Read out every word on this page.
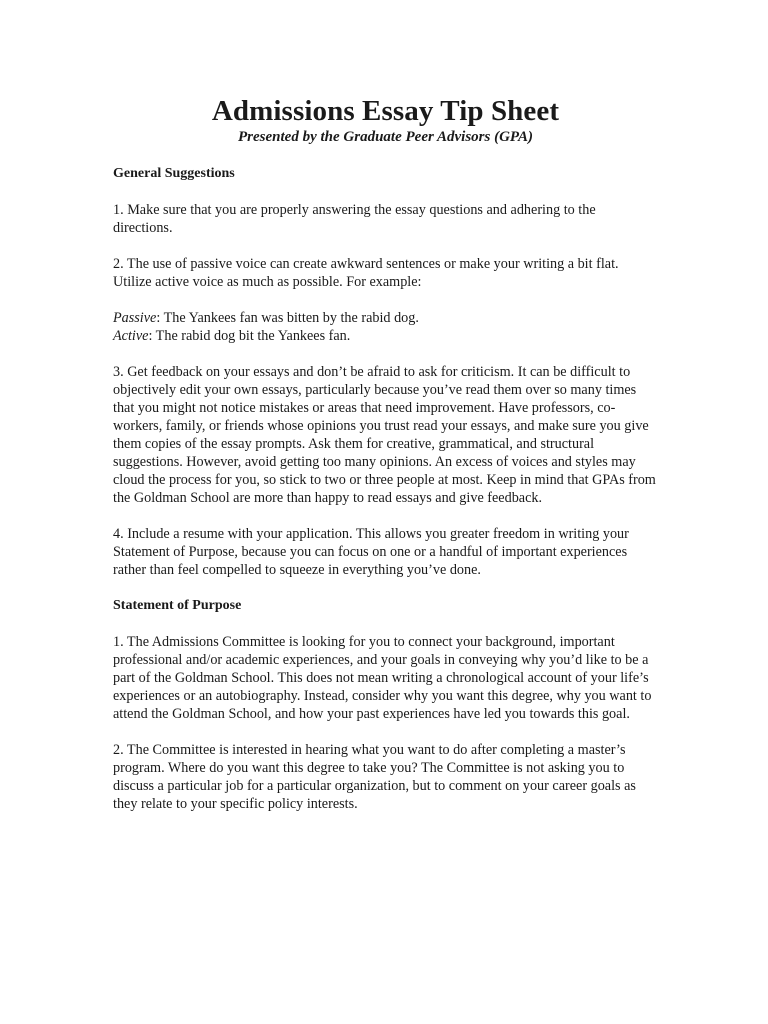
Admissions Essay Tip Sheet

Presented by the Graduate Peer Advisors (GPA)

General Suggestions

1. Make sure that you are properly answering the essay questions and adhering to the directions.

2. The use of passive voice can create awkward sentences or make your writing a bit flat. Utilize active voice as much as possible. For example:

Passive: The Yankees fan was bitten by the rabid dog.

Active: The rabid dog bit the Yankees fan.

3. Get feedback on your essays and don’t be afraid to ask for criticism. It can be difficult to objectively edit your own essays, particularly because you’ve read them over so many times that you might not notice mistakes or areas that need improvement. Have professors, co-workers, family, or friends whose opinions you trust read your essays, and make sure you give them copies of the essay prompts. Ask them for creative, grammatical, and structural suggestions. However, avoid getting too many opinions. An excess of voices and styles may cloud the process for you, so stick to two or three people at most. Keep in mind that GPAs from the Goldman School are more than happy to read essays and give feedback.

4. Include a resume with your application. This allows you greater freedom in writing your Statement of Purpose, because you can focus on one or a handful of important experiences rather than feel compelled to squeeze in everything you’ve done.

Statement of Purpose

1. The Admissions Committee is looking for you to connect your background, important professional and/or academic experiences, and your goals in conveying why you’d like to be a part of the Goldman School. This does not mean writing a chronological account of your life’s experiences or an autobiography. Instead, consider why you want this degree, why you want to attend the Goldman School, and how your past experiences have led you towards this goal.

2. The Committee is interested in hearing what you want to do after completing a master’s program. Where do you want this degree to take you? The Committee is not asking you to discuss a particular job for a particular organization, but to comment on your career goals as they relate to your specific policy interests.
